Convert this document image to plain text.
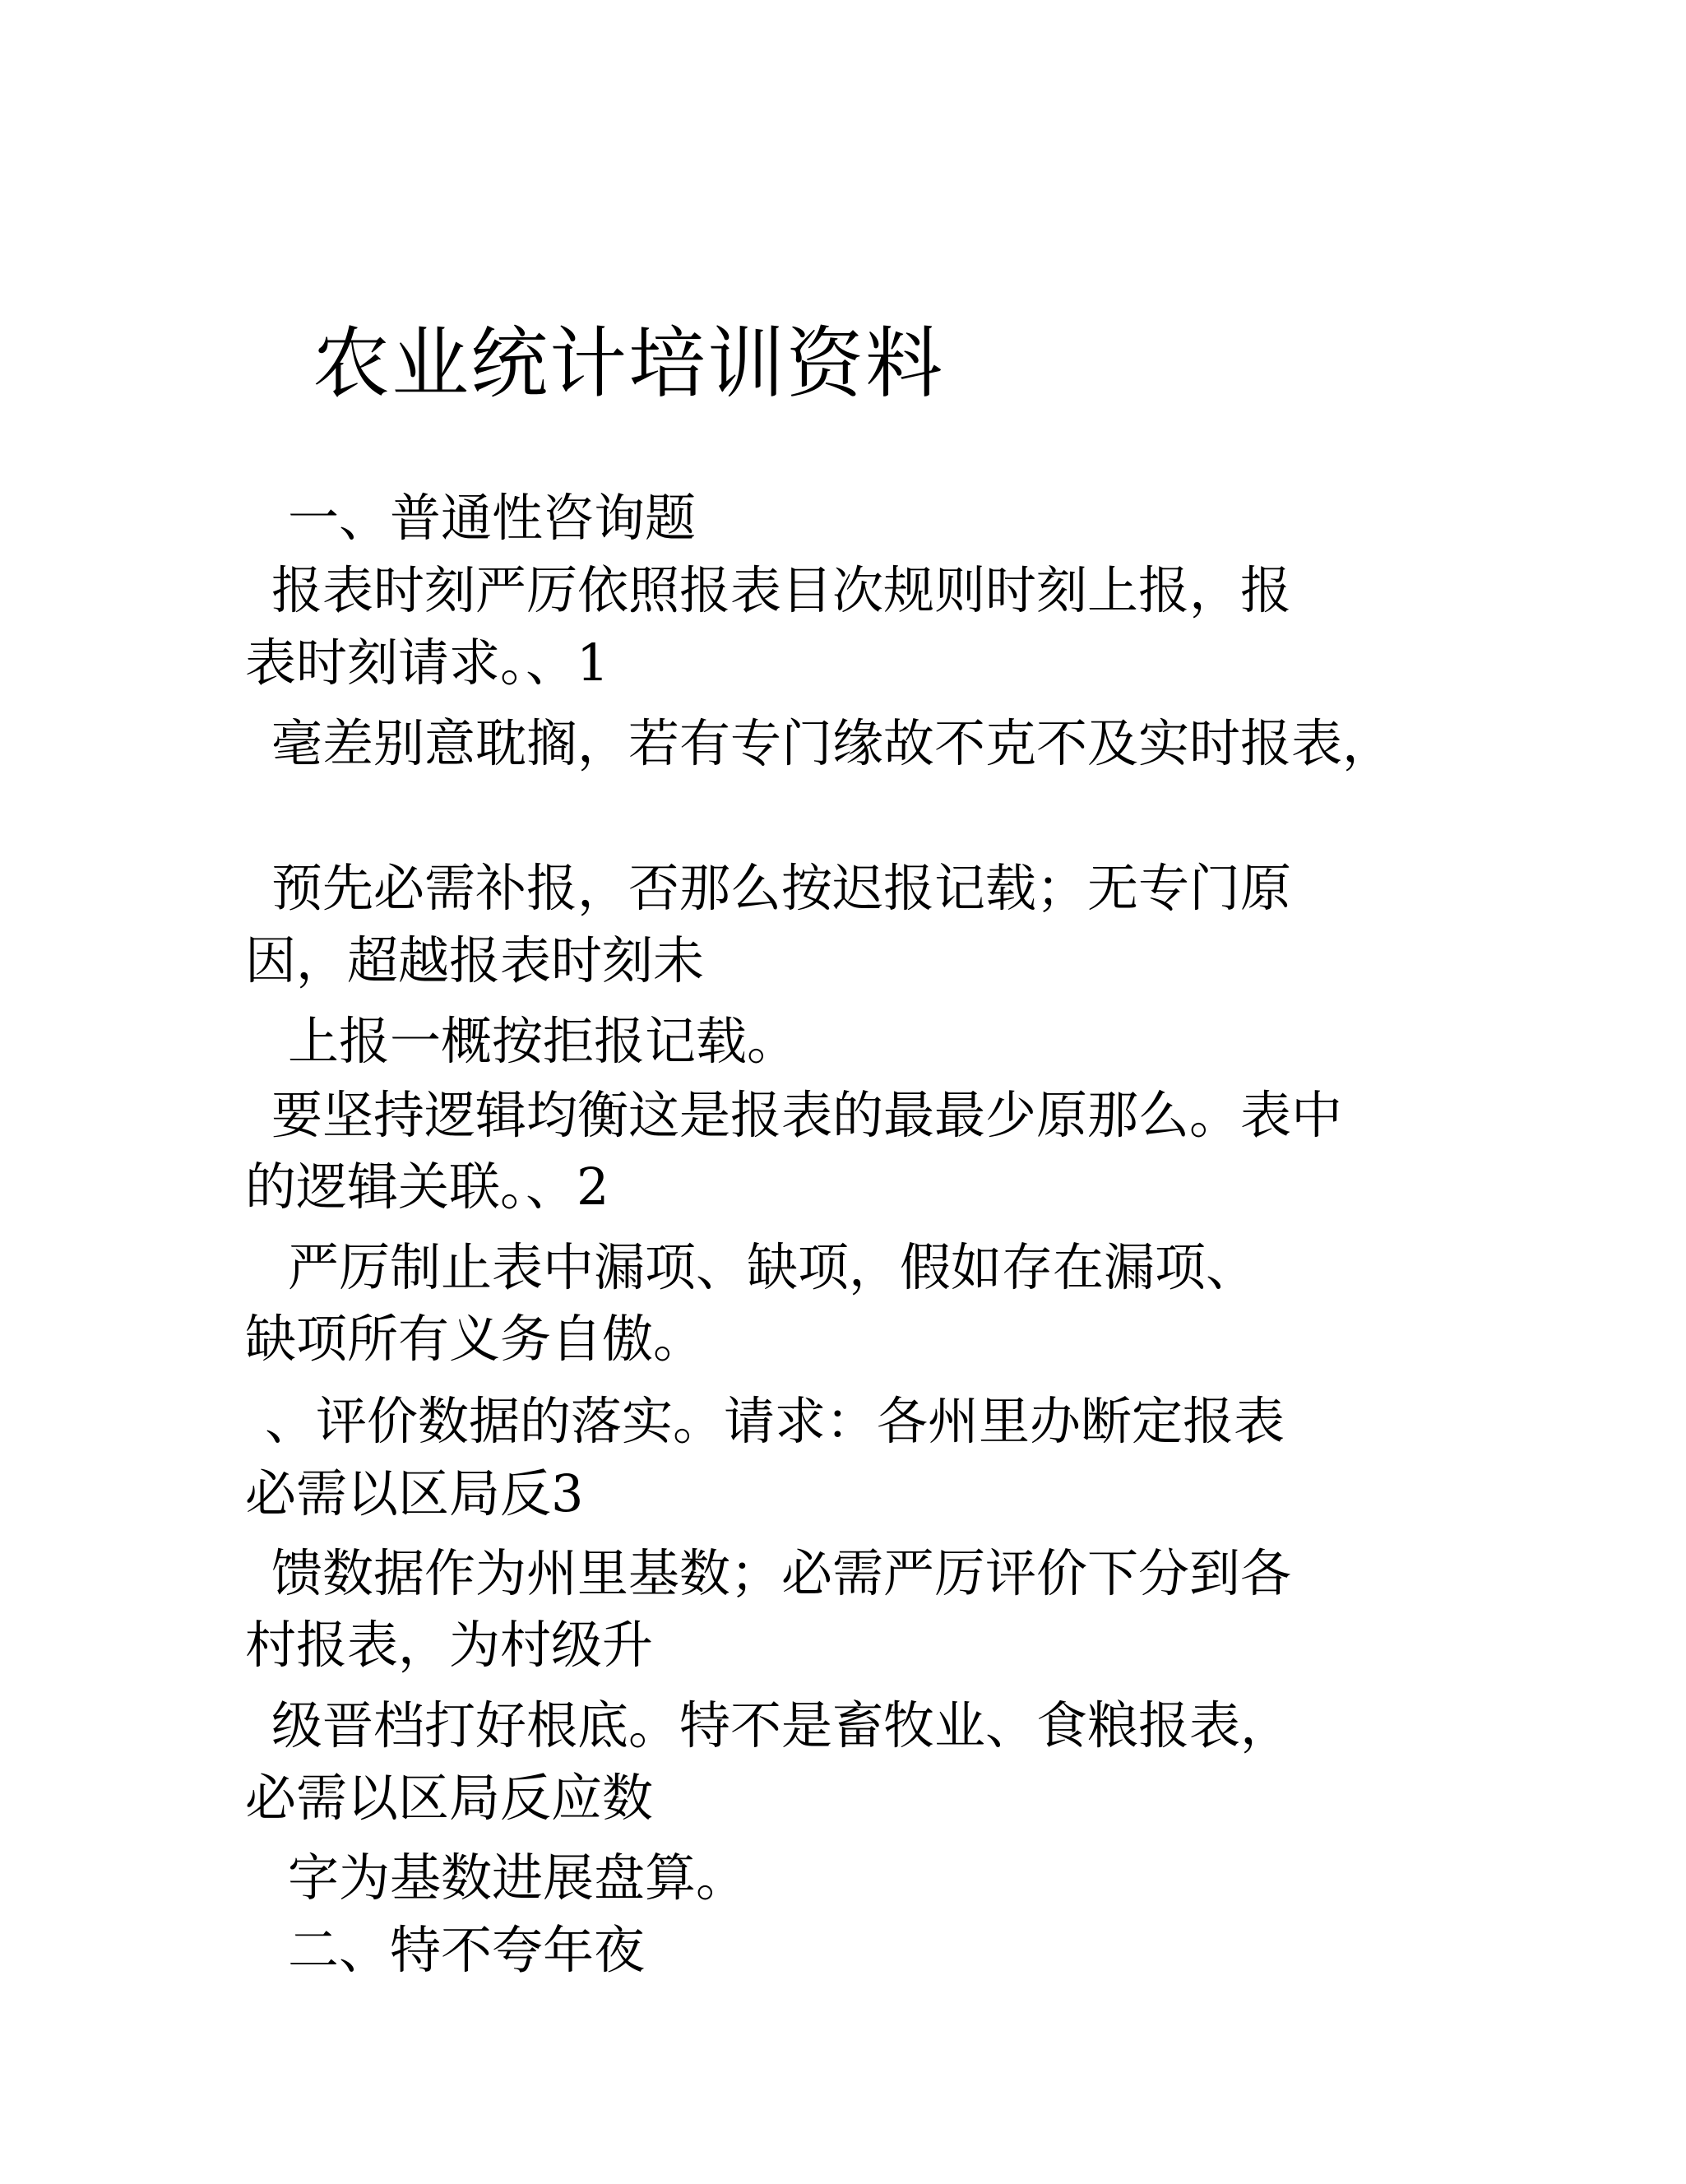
农业统计培训资料
一、普通性咨询题
报表时刻严厉依照报表目次规则时刻上报，报
表时刻请求。、1
毫差别意耽搁，若有专门缘故不克不及实时报表，
预先必需补报，否那么按迟报记载；无专门原
因，超越报表时刻未
上报一概按拒报记载。
要坚持逻辑均衡这是报表的最最少原那么。表中
的逻辑关联。、2
严厉制止表中漏项、缺项，假如存在漏项、
缺项所有义务自傲。
、评价数据的落实。请求：各州里办断定报表
必需以区局反3
馈数据作为州里基数；必需严厉评价下分到各
村报表，为村级升
级晋档打好根底。特不是畜牧业、食粮报表，
必需以区局反应数
字为基数进展盘算。
二、特不夸年夜
